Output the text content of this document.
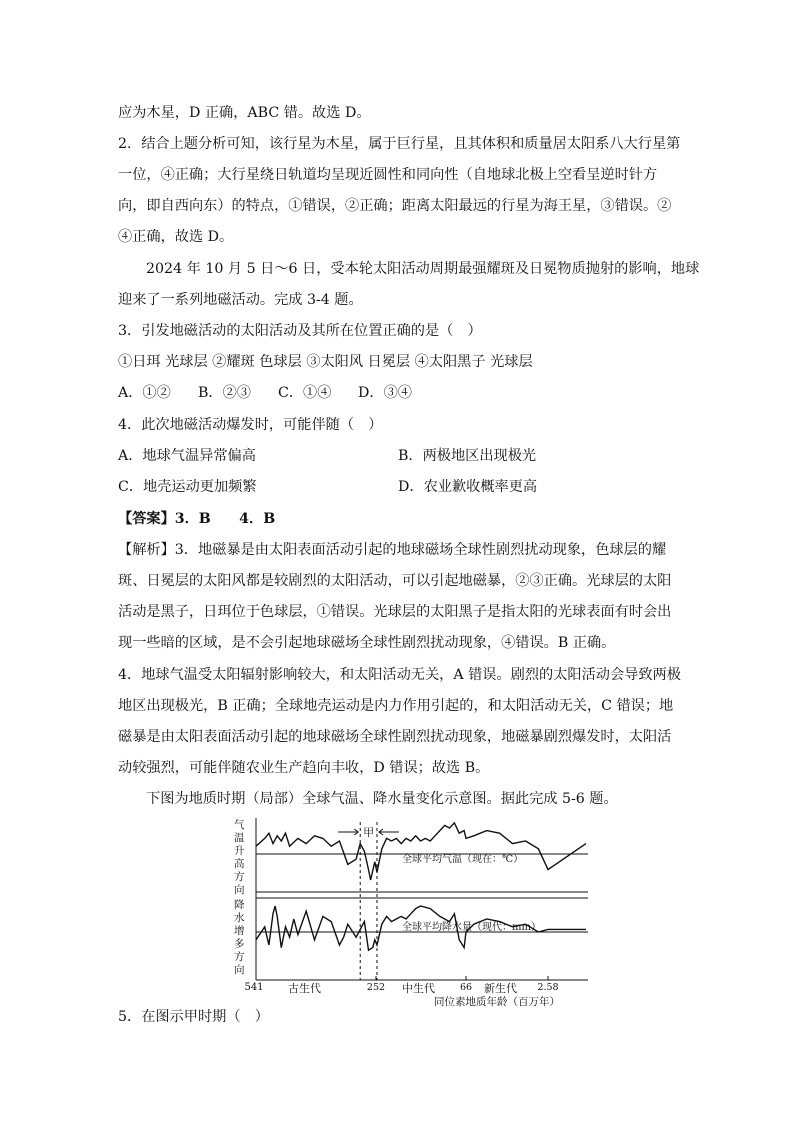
应为木星，D 正确，ABC 错。故选 D。
2．结合上题分析可知，该行星为木星，属于巨行星，且其体积和质量居太阳系八大行星第
一位，④正确；大行星绕日轨道均呈现近圆性和同向性（自地球北极上空看呈逆时针方
向，即自西向东）的特点，①错误，②正确；距离太阳最远的行星为海王星，③错误。②
④正确，故选 D。
2024 年 10 月 5 日～6 日，受本轮太阳活动周期最强耀斑及日冕物质抛射的影响，地球
迎来了一系列地磁活动。完成 3-4 题。
3．引发地磁活动的太阳活动及其所在位置正确的是（　）
①日珥 光球层 ②耀斑 色球层 ③太阳风 日冕层 ④太阳黑子 光球层
A．①② B．②③ C．①④ D．③④
4．此次地磁活动爆发时，可能伴随（　）
A．地球气温异常偏高	B．两极地区出现极光
C．地壳运动更加频繁	D．农业歉收概率更高
【答案】3．B　　4．B
【解析】3．地磁暴是由太阳表面活动引起的地球磁场全球性剧烈扰动现象，色球层的耀
斑、日冕层的太阳风都是较剧烈的太阳活动，可以引起地磁暴，②③正确。光球层的太阳
活动是黑子，日珥位于色球层，①错误。光球层的太阳黑子是指太阳的光球表面有时会出
现一些暗的区域，是不会引起地球磁场全球性剧烈扰动现象，④错误。B 正确。
4．地球气温受太阳辐射影响较大，和太阳活动无关，A 错误。剧烈的太阳活动会导致两极
地区出现极光，B 正确；全球地壳运动是内力作用引起的，和太阳活动无关，C 错误；地
磁暴是由太阳表面活动引起的地球磁场全球性剧烈扰动现象，地磁暴剧烈爆发时，太阳活
动较强烈，可能伴随农业生产趋向丰收，D 错误；故选 B。
下图为地质时期（局部）全球气温、降水量变化示意图。据此完成 5-6 题。
气温升高方向
降水增多方向
甲
全球平均气温（现在：℃）
全球平均降水量（现代：mm）
541	252	66	2.58
古生代	中生代	新生代
同位素地质年龄（百万年）
5．在图示甲时期（　）
